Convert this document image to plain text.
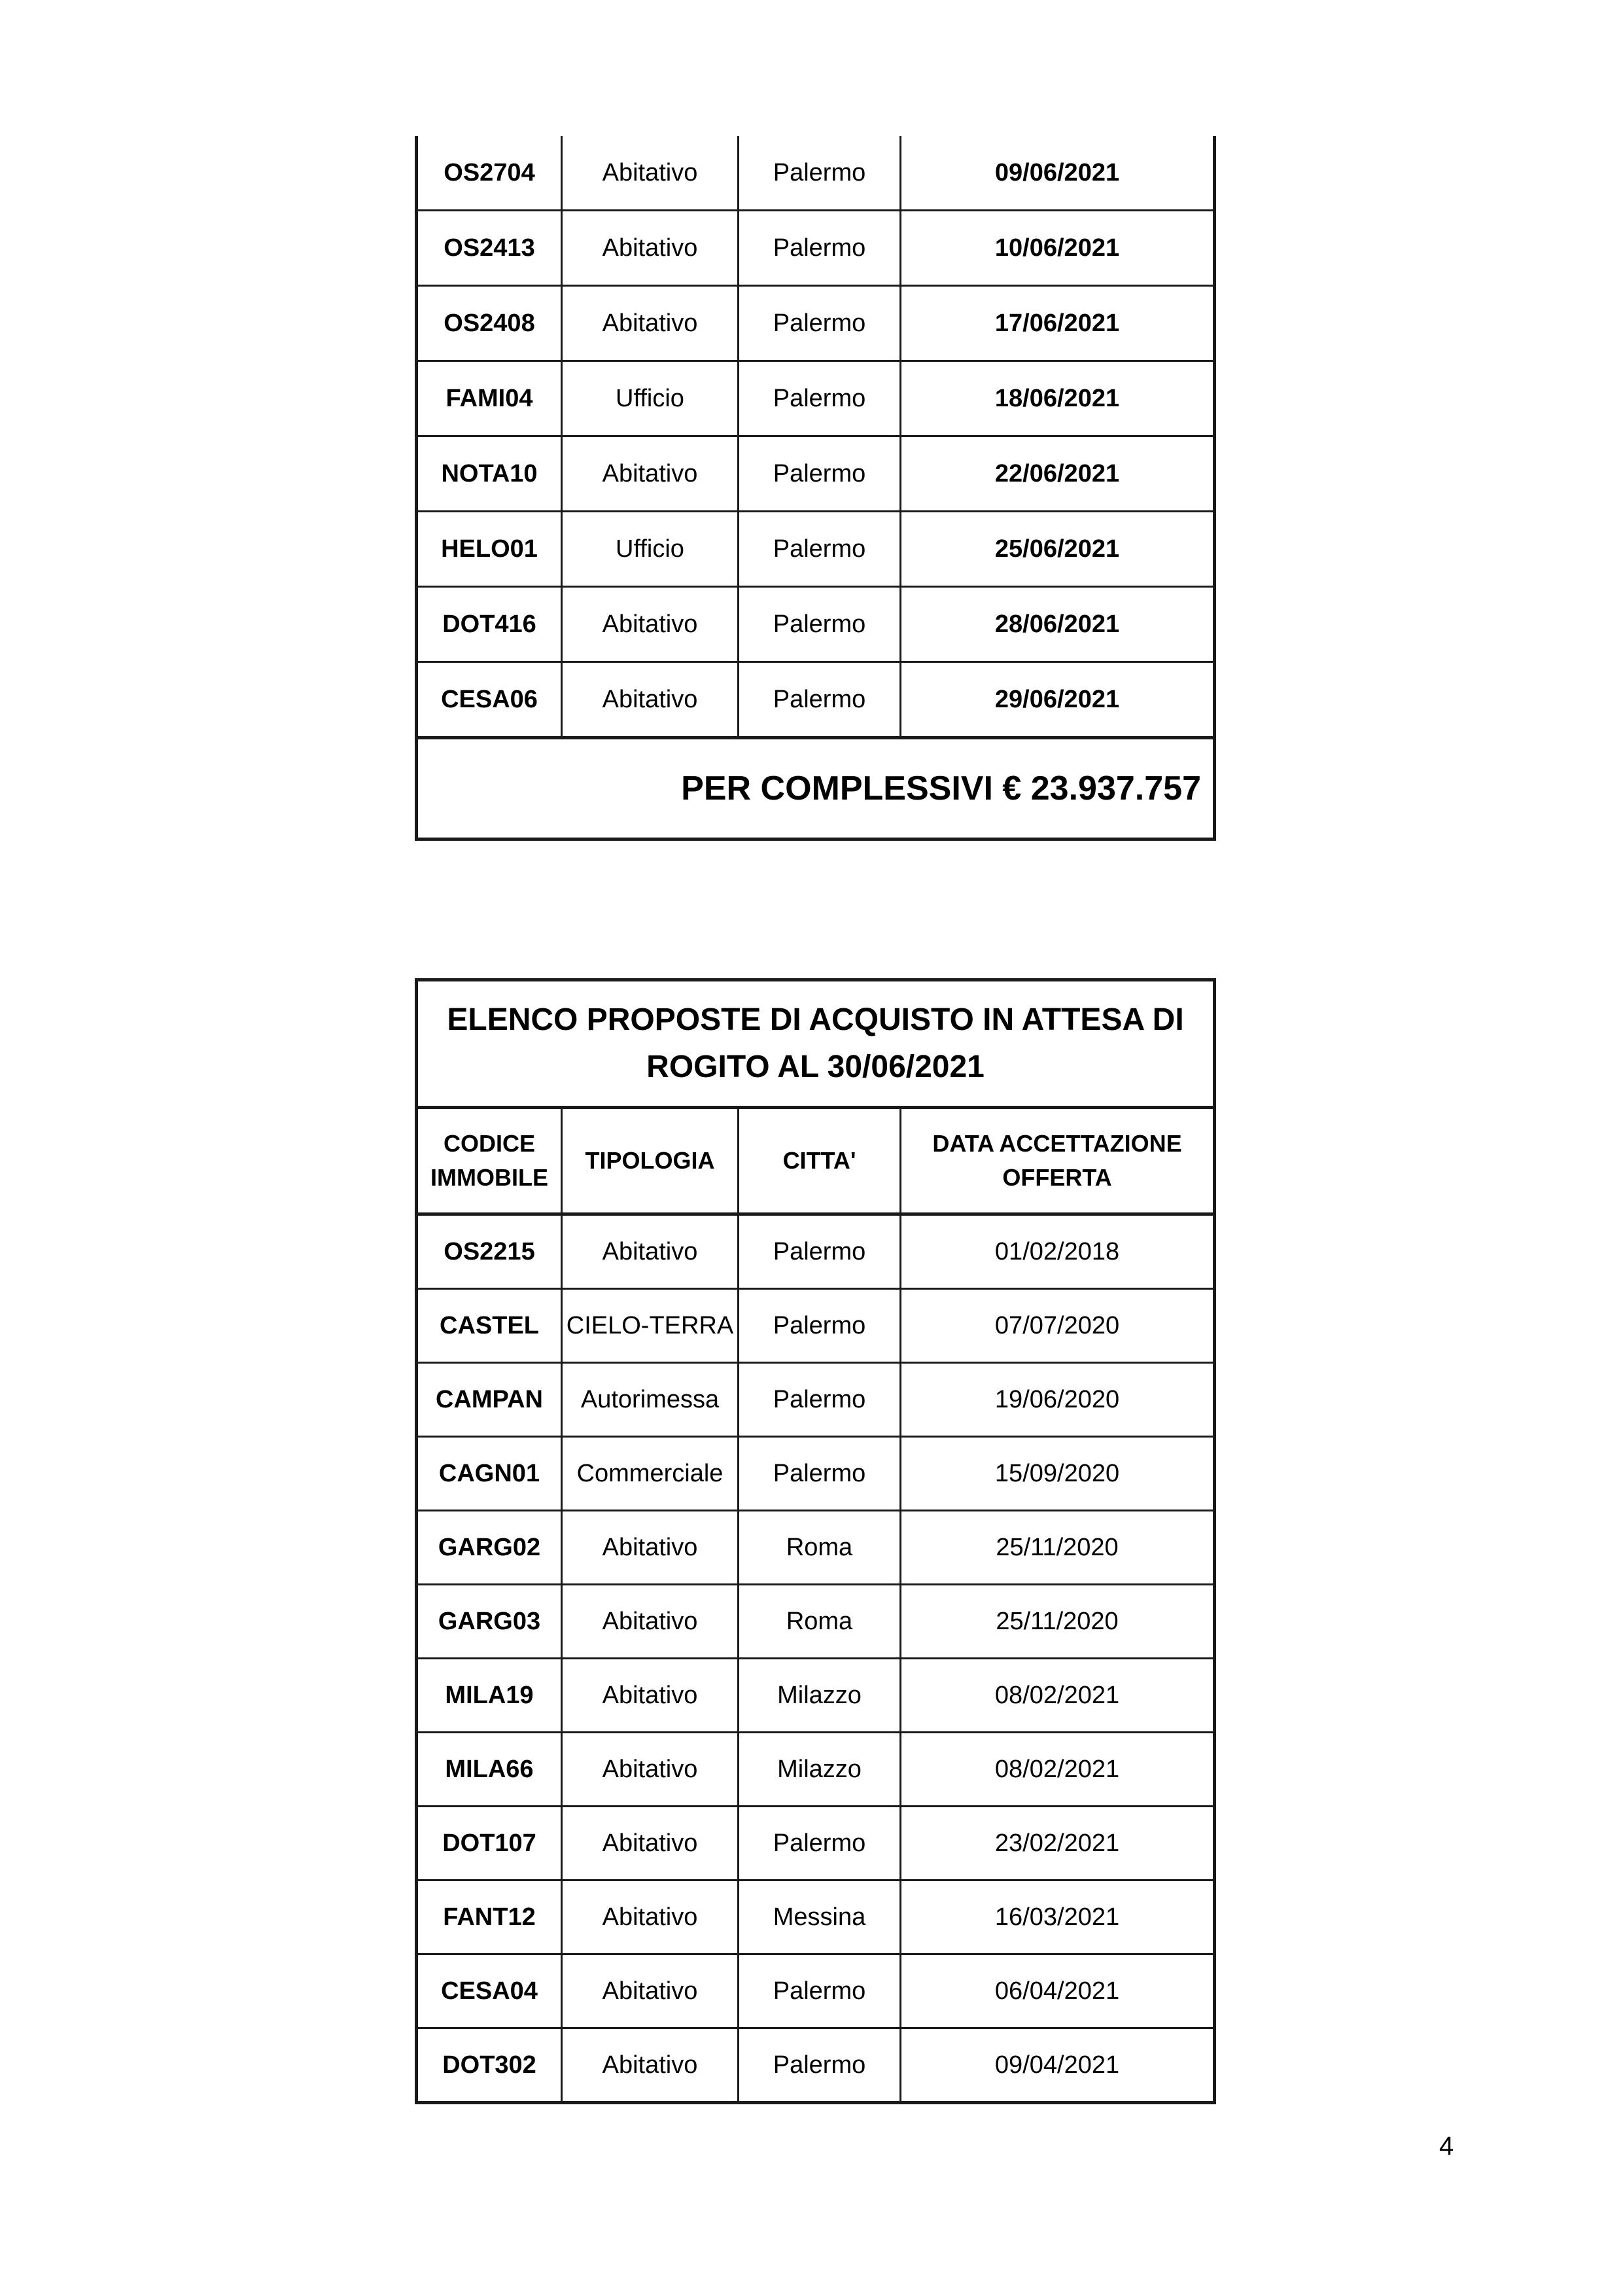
OS2704	Abitativo	Palermo	09/06/2021
OS2413	Abitativo	Palermo	10/06/2021
OS2408	Abitativo	Palermo	17/06/2021
FAMI04	Ufficio	Palermo	18/06/2021
NOTA10	Abitativo	Palermo	22/06/2021
HELO01	Ufficio	Palermo	25/06/2021
DOT416	Abitativo	Palermo	28/06/2021
CESA06	Abitativo	Palermo	29/06/2021
PER COMPLESSIVI € 23.937.757			
ELENCO PROPOSTE DI ACQUISTO IN ATTESA DI ROGITO AL 30/06/2021			
CODICE IMMOBILE	TIPOLOGIA	CITTA'	DATA ACCETTAZIONE OFFERTA
OS2215	Abitativo	Palermo	01/02/2018
CASTEL	CIELO-TERRA	Palermo	07/07/2020
CAMPAN	Autorimessa	Palermo	19/06/2020
CAGN01	Commerciale	Palermo	15/09/2020
GARG02	Abitativo	Roma	25/11/2020
GARG03	Abitativo	Roma	25/11/2020
MILA19	Abitativo	Milazzo	08/02/2021
MILA66	Abitativo	Milazzo	08/02/2021
DOT107	Abitativo	Palermo	23/02/2021
FANT12	Abitativo	Messina	16/03/2021
CESA04	Abitativo	Palermo	06/04/2021
DOT302	Abitativo	Palermo	09/04/2021
4
